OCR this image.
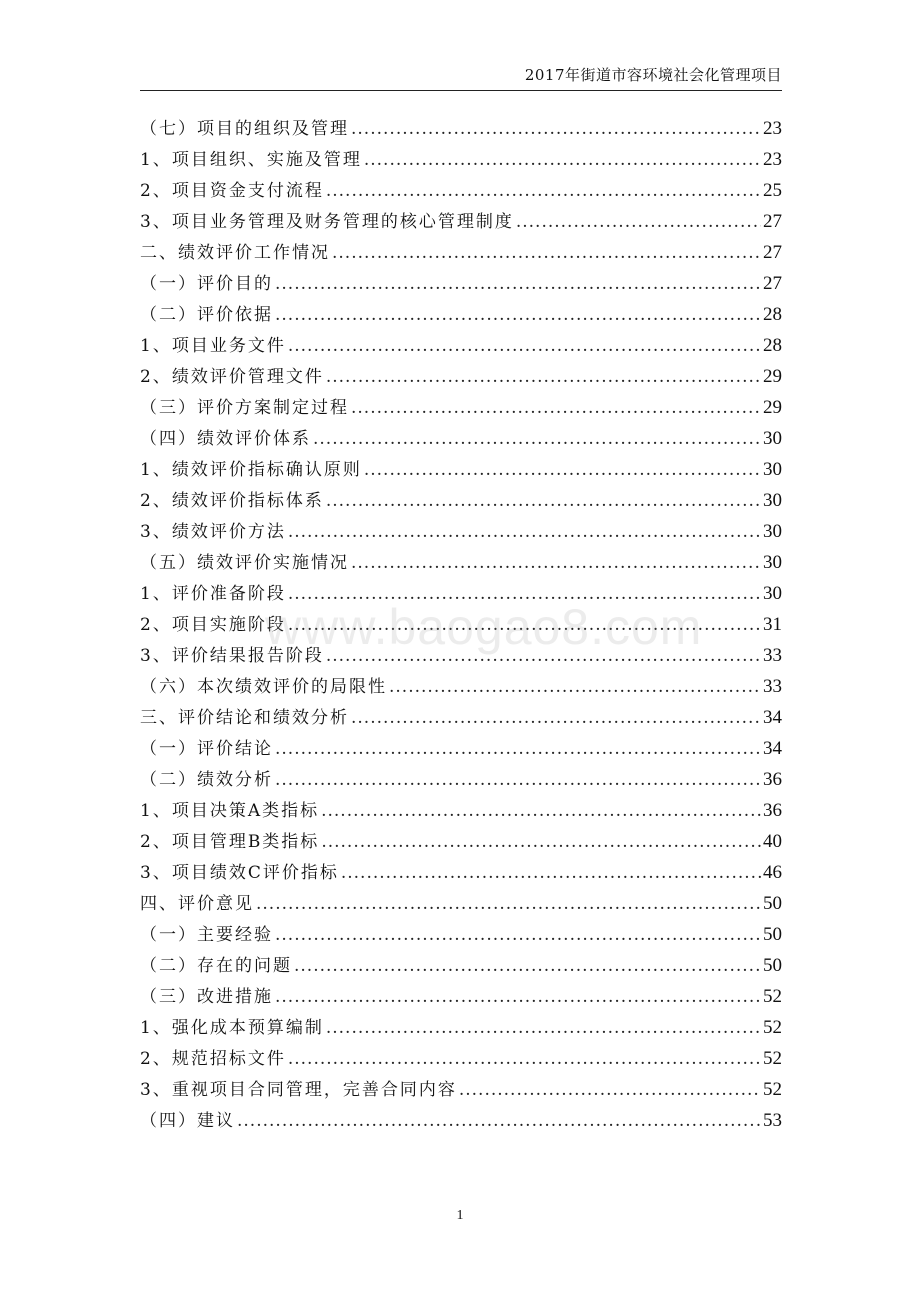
2017年街道市容环境社会化管理项目
（七）项目的组织及管理 .....	23
1、项目组织、实施及管理 .....	23
2、项目资金支付流程 .....	25
3、项目业务管理及财务管理的核心管理制度 .....	27
二、绩效评价工作情况 .....	27
（一）评价目的 .....	27
（二）评价依据 .....	28
1、项目业务文件 .....	28
2、绩效评价管理文件 .....	29
（三）评价方案制定过程 .....	29
（四）绩效评价体系 .....	30
1、绩效评价指标确认原则 .....	30
2、绩效评价指标体系 .....	30
3、绩效评价方法 .....	30
（五）绩效评价实施情况 .....	30
1、评价准备阶段 .....	30
2、项目实施阶段 .....	31
3、评价结果报告阶段 .....	33
（六）本次绩效评价的局限性 .....	33
三、评价结论和绩效分析 .....	34
（一）评价结论 .....	34
（二）绩效分析 .....	36
1、项目决策A类指标 .....	36
2、项目管理B类指标 .....	40
3、项目绩效C评价指标 .....	46
四、评价意见 .....	50
（一）主要经验 .....	50
（二）存在的问题 .....	50
（三）改进措施 .....	52
1、强化成本预算编制 .....	52
2、规范招标文件 .....	52
3、重视项目合同管理，完善合同内容 .....	52
（四）建议 .....	53
www.baogao8.com
1
